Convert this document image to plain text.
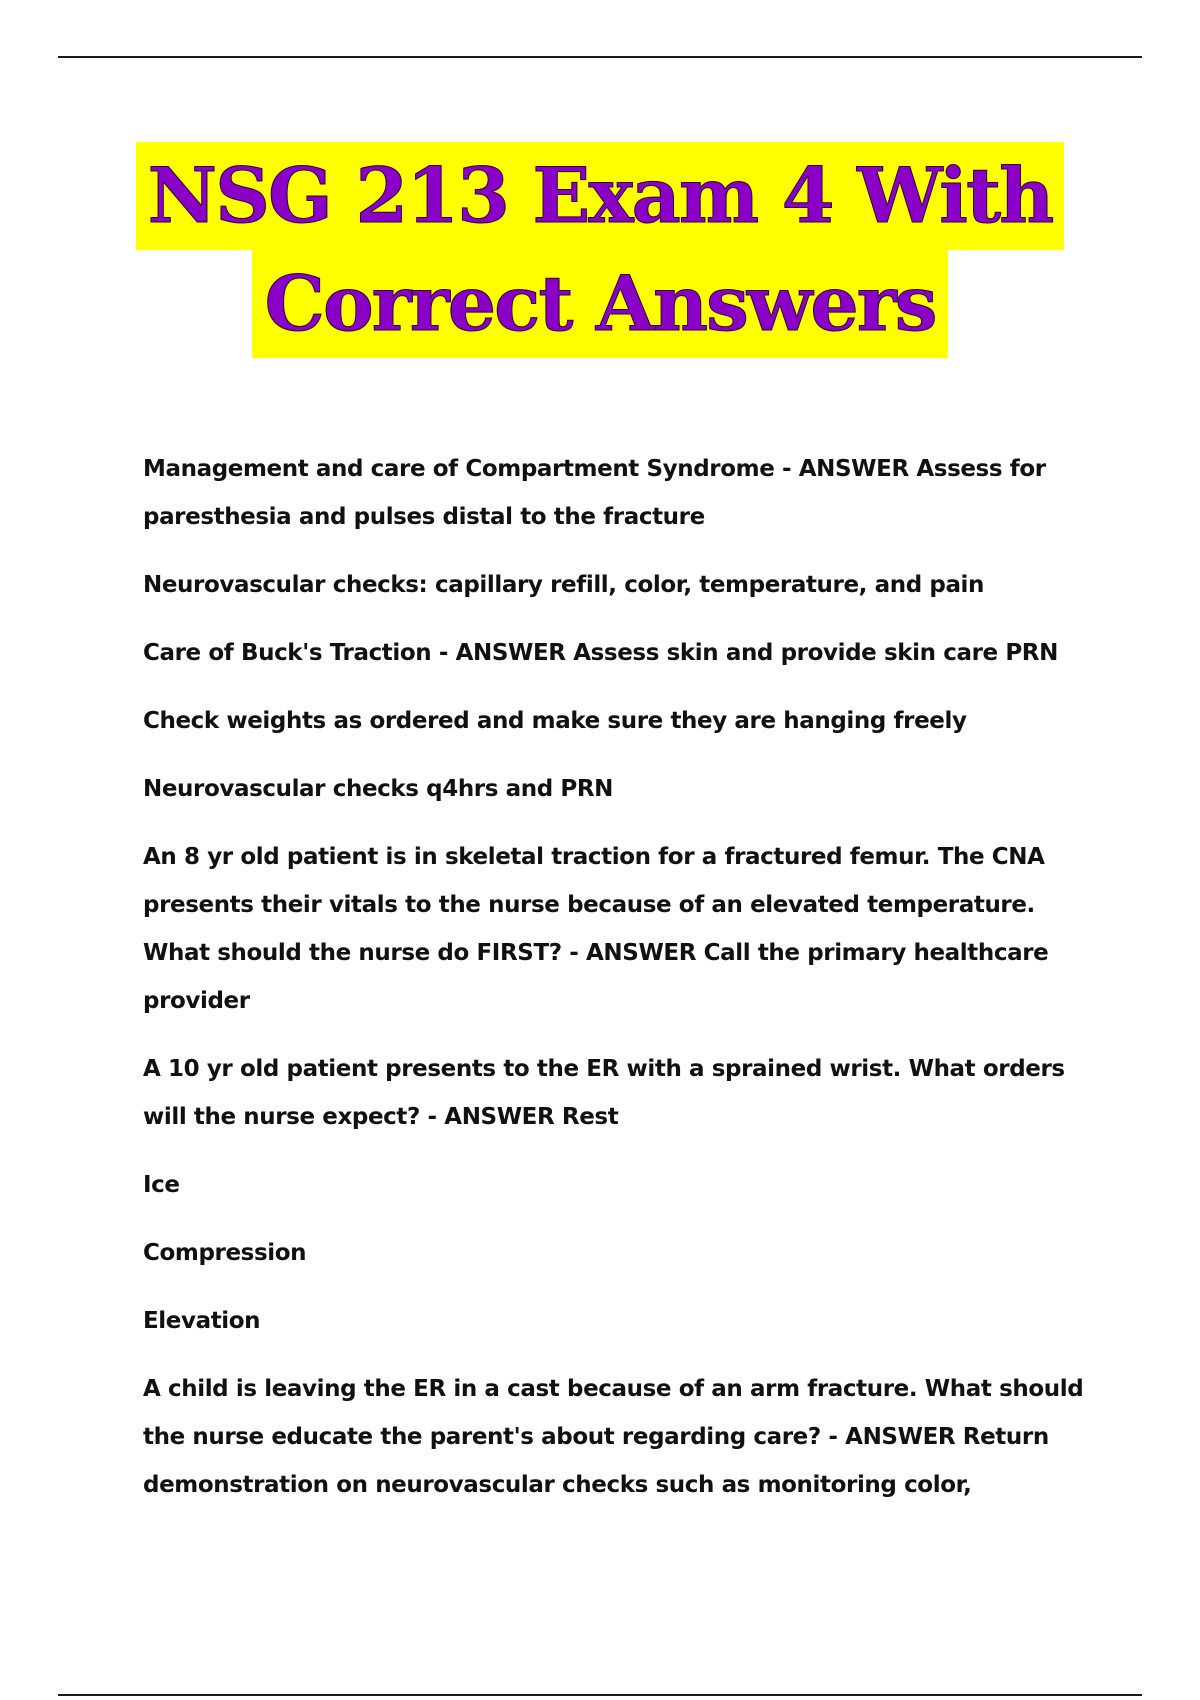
NSG 213 Exam 4 With
Correct Answers

Management and care of Compartment Syndrome - ANSWER Assess for paresthesia and pulses distal to the fracture

Neurovascular checks: capillary refill, color, temperature, and pain

Care of Buck's Traction - ANSWER Assess skin and provide skin care PRN

Check weights as ordered and make sure they are hanging freely

Neurovascular checks q4hrs and PRN

An 8 yr old patient is in skeletal traction for a fractured femur. The CNA presents their vitals to the nurse because of an elevated temperature. What should the nurse do FIRST? - ANSWER Call the primary healthcare provider

A 10 yr old patient presents to the ER with a sprained wrist. What orders will the nurse expect? - ANSWER Rest

Ice

Compression

Elevation

A child is leaving the ER in a cast because of an arm fracture. What should the nurse educate the parent's about regarding care? - ANSWER Return demonstration on neurovascular checks such as monitoring color,
